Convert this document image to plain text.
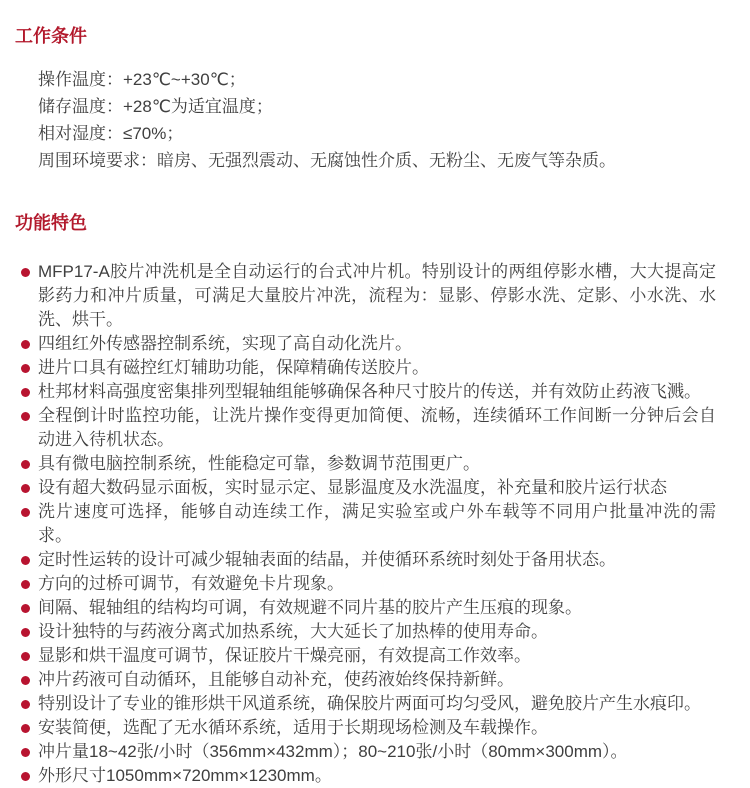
工作条件

操作温度：+23℃~+30℃；

储存温度：+28℃为适宜温度；

相对湿度：≤70%；

周围环境要求：暗房、无强烈震动、无腐蚀性介质、无粉尘、无废气等杂质。

功能特色
MFP17-A胶片冲洗机是全自动运行的台式冲片机。特别设计的两组停影水槽，大大提高定影药力和冲片质量，可满足大量胶片冲洗，流程为：显影、停影水洗、定影、小水洗、水洗、烘干。
四组红外传感器控制系统，实现了高自动化洗片。
进片口具有磁控红灯辅助功能，保障精确传送胶片。
杜邦材料高强度密集排列型辊轴组能够确保各种尺寸胶片的传送，并有效防止药液飞溅。
全程倒计时监控功能，让洗片操作变得更加简便、流畅，连续循环工作间断一分钟后会自动进入待机状态。
具有微电脑控制系统，性能稳定可靠，参数调节范围更广。
设有超大数码显示面板，实时显示定、显影温度及水洗温度，补充量和胶片运行状态
洗片速度可选择，能够自动连续工作，满足实验室或户外车载等不同用户批量冲洗的需求。
定时性运转的设计可减少辊轴表面的结晶，并使循环系统时刻处于备用状态。
方向的过桥可调节，有效避免卡片现象。
间隔、辊轴组的结构均可调，有效规避不同片基的胶片产生压痕的现象。
设计独特的与药液分离式加热系统，大大延长了加热棒的使用寿命。
显影和烘干温度可调节，保证胶片干燥亮丽，有效提高工作效率。
冲片药液可自动循环，且能够自动补充，使药液始终保持新鲜。
特别设计了专业的锥形烘干风道系统，确保胶片两面可均匀受风，避免胶片产生水痕印。
安装简便，选配了无水循环系统，适用于长期现场检测及车载操作。
冲片量18~42张/小时（356mm×432mm）；80~210张/小时（80mm×300mm）。
外形尺寸1050mm×720mm×1230mm。
